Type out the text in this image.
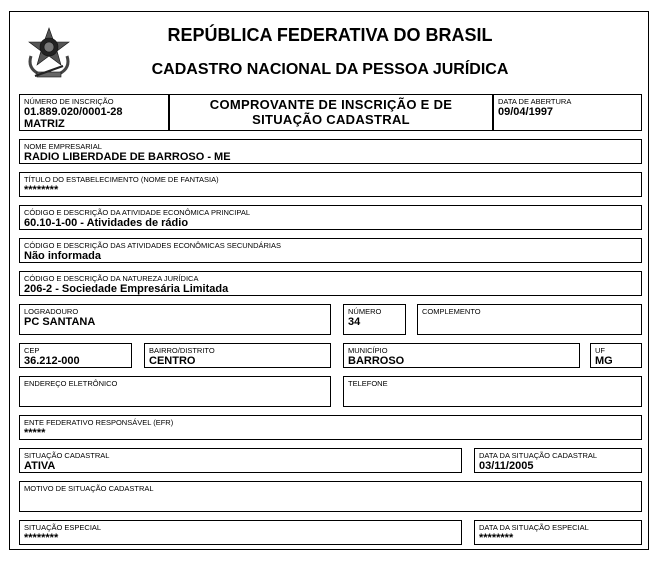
REPÚBLICA FEDERATIVA DO BRASIL
CADASTRO NACIONAL DA PESSOA JURÍDICA
NÚMERO DE INSCRIÇÃO
01.889.020/0001-28
MATRIZ
COMPROVANTE DE INSCRIÇÃO E DE
SITUAÇÃO CADASTRAL
DATA DE ABERTURA
09/04/1997
NOME EMPRESARIAL
RADIO LIBERDADE DE BARROSO - ME
TÍTULO DO ESTABELECIMENTO (NOME DE FANTASIA)
********
CÓDIGO E DESCRIÇÃO DA ATIVIDADE ECONÔMICA PRINCIPAL
60.10-1-00 - Atividades de rádio
CÓDIGO E DESCRIÇÃO DAS ATIVIDADES ECONÔMICAS SECUNDÁRIAS
Não informada
CÓDIGO E DESCRIÇÃO DA NATUREZA JURÍDICA
206-2 - Sociedade Empresária Limitada
LOGRADOURO
PC SANTANA
NÚMERO
34
COMPLEMENTO
CEP
36.212-000
BAIRRO/DISTRITO
CENTRO
MUNICÍPIO
BARROSO
UF
MG
ENDEREÇO ELETRÔNICO	TELEFONE
ENTE FEDERATIVO RESPONSÁVEL (EFR)
*****
SITUAÇÃO CADASTRAL
ATIVA
DATA DA SITUAÇÃO CADASTRAL
03/11/2005
MOTIVO DE SITUAÇÃO CADASTRAL
SITUAÇÃO ESPECIAL
********
DATA DA SITUAÇÃO ESPECIAL
********
